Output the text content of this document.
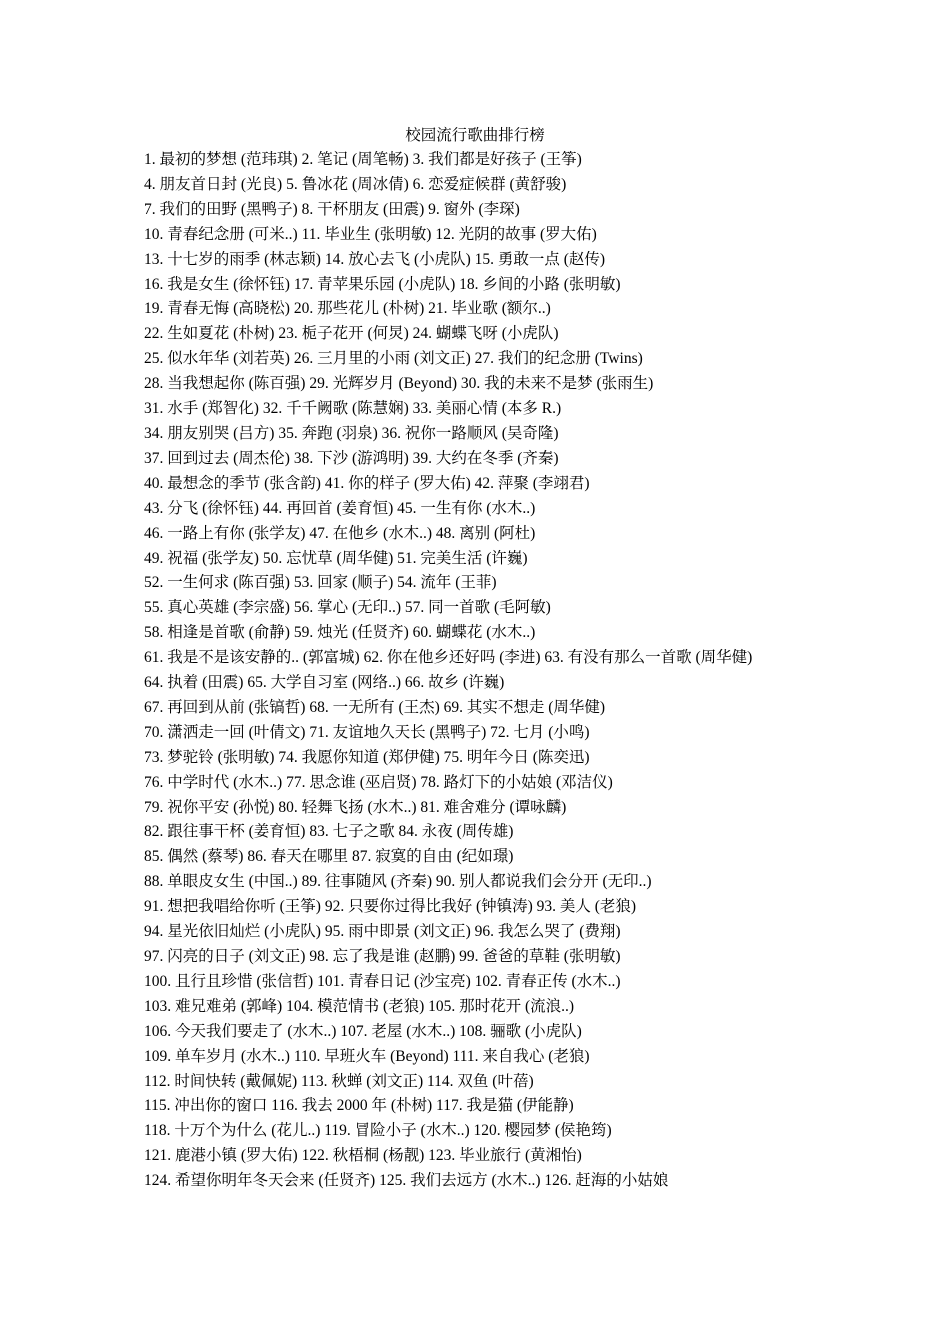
校园流行歌曲排行榜
1. 最初的梦想 (范玮琪) 2. 笔记 (周笔畅) 3. 我们都是好孩子 (王筝)
4. 朋友首日封 (光良) 5. 鲁冰花 (周冰倩) 6. 恋爱症候群 (黄舒骏)
7. 我们的田野 (黑鸭子) 8. 干杯朋友 (田震) 9. 窗外 (李琛)
10. 青春纪念册 (可米..) 11. 毕业生 (张明敏) 12. 光阴的故事 (罗大佑)
13. 十七岁的雨季 (林志颖) 14. 放心去飞 (小虎队) 15. 勇敢一点 (赵传)
16. 我是女生 (徐怀钰) 17. 青苹果乐园 (小虎队) 18. 乡间的小路 (张明敏)
19. 青春无悔 (高晓松) 20. 那些花儿 (朴树) 21. 毕业歌 (额尔..)
22. 生如夏花 (朴树) 23. 栀子花开 (何炅) 24. 蝴蝶飞呀 (小虎队)
25. 似水年华 (刘若英) 26. 三月里的小雨 (刘文正) 27. 我们的纪念册 (Twins)
28. 当我想起你 (陈百强) 29. 光辉岁月 (Beyond) 30. 我的未来不是梦 (张雨生)
31. 水手 (郑智化) 32. 千千阙歌 (陈慧娴) 33. 美丽心情 (本多 R.)
34. 朋友别哭 (吕方) 35. 奔跑 (羽泉) 36. 祝你一路顺风 (吴奇隆)
37. 回到过去 (周杰伦) 38. 下沙 (游鸿明) 39. 大约在冬季 (齐秦)
40. 最想念的季节 (张含韵) 41. 你的样子 (罗大佑) 42. 萍聚 (李翊君)
43. 分飞 (徐怀钰) 44. 再回首 (姜育恒) 45. 一生有你 (水木..)
46. 一路上有你 (张学友) 47. 在他乡 (水木..) 48. 离别 (阿杜)
49. 祝福 (张学友) 50. 忘忧草 (周华健) 51. 完美生活 (许巍)
52. 一生何求 (陈百强) 53. 回家 (顺子) 54. 流年 (王菲)
55. 真心英雄 (李宗盛) 56. 掌心 (无印..) 57. 同一首歌 (毛阿敏)
58. 相逢是首歌 (俞静) 59. 烛光 (任贤齐) 60. 蝴蝶花 (水木..)
61. 我是不是该安静的.. (郭富城) 62. 你在他乡还好吗 (李进) 63. 有没有那么一首歌 (周华健)
64. 执着 (田震) 65. 大学自习室 (网络..) 66. 故乡 (许巍)
67. 再回到从前 (张镐哲) 68. 一无所有 (王杰) 69. 其实不想走 (周华健)
70. 潇洒走一回 (叶倩文) 71. 友谊地久天长 (黑鸭子) 72. 七月 (小鸣)
73. 梦驼铃 (张明敏) 74. 我愿你知道 (郑伊健) 75. 明年今日 (陈奕迅)
76. 中学时代 (水木..) 77. 思念谁 (巫启贤) 78. 路灯下的小姑娘 (邓洁仪)
79. 祝你平安 (孙悦) 80. 轻舞飞扬 (水木..) 81. 难舍难分 (谭咏麟)
82. 跟往事干杯 (姜育恒) 83. 七子之歌 84. 永夜 (周传雄)
85. 偶然 (蔡琴) 86. 春天在哪里 87. 寂寞的自由 (纪如璟)
88. 单眼皮女生 (中国..) 89. 往事随风 (齐秦) 90. 别人都说我们会分开 (无印..)
91. 想把我唱给你听 (王筝) 92. 只要你过得比我好 (钟镇涛) 93. 美人 (老狼)
94. 星光依旧灿烂 (小虎队) 95. 雨中即景 (刘文正) 96. 我怎么哭了 (费翔)
97. 闪亮的日子 (刘文正) 98. 忘了我是谁 (赵鹏) 99. 爸爸的草鞋 (张明敏)
100. 且行且珍惜 (张信哲) 101. 青春日记 (沙宝亮) 102. 青春正传 (水木..)
103. 难兄难弟 (郭峰) 104. 模范情书 (老狼) 105. 那时花开 (流浪..)
106. 今天我们要走了 (水木..) 107. 老屋 (水木..) 108. 骊歌 (小虎队)
109. 单车岁月 (水木..) 110. 早班火车 (Beyond) 111. 来自我心 (老狼)
112. 时间快转 (戴佩妮) 113. 秋蝉 (刘文正) 114. 双鱼 (叶蓓)
115. 冲出你的窗口 116. 我去 2000 年 (朴树) 117. 我是猫 (伊能静)
118. 十万个为什么 (花儿..) 119. 冒险小子 (水木..) 120. 樱园梦 (侯艳筠)
121. 鹿港小镇 (罗大佑) 122. 秋梧桐 (杨靓) 123. 毕业旅行 (黄湘怡)
124. 希望你明年冬天会来 (任贤齐) 125. 我们去远方 (水木..) 126. 赶海的小姑娘
